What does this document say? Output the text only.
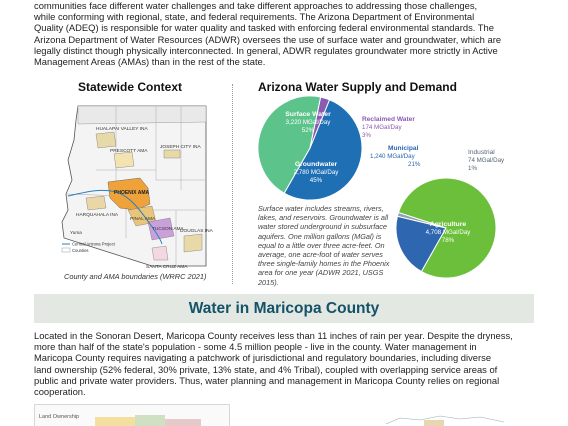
communities face different water challenges and take different approaches to addressing those challenges,

while conforming with regional, state, and federal requirements. The Arizona Department of Environmental

Quality (ADEQ) is responsible for water quality and tasked with enforcing federal environmental standards. The

Arizona Department of Water Resources (ADWR) oversees the use of surface water and groundwater, which are

legally distinct though physically interconnected. In general, ADWR regulates groundwater more strictly in Active

Management Areas (AMAs) than in the rest of the state.

Statewide Context
HUALAPAI VALLEY INA
PRESCOTT AMA
JOSEPH CITY INA
PHOENIX AMA
HARQUAHALA INA
PINAL AMA
TUCSON AMA
SANTA CRUZ AMA
DOUGLAS INA
Yuma
Central Arizona Project
Counties
County and AMA boundaries (WRRC 2021)
Arizona Water Supply and Demand
Surface Water
3,220 MGal/Day
52%
Groundwater
2,780 MGal/Day
45%
Reclaimed Water
174 MGal/Day
3%
Municipal
1,240 MGal/Day
21%
Industrial
74 MGal/Day
1%
Agriculture
4,708 MGal/Day
78%
Surface water includes streams, rivers, lakes, and reservoirs. Groundwater is all water stored underground in subsurface aquifers. One million gallons (MGal) is equal to a little over three acre-feet. On average, one acre-foot of water serves three single-family homes in the Phoenix area for one year (ADWR 2021, USGS 2015).
Water in Maricopa County

Located in the Sonoran Desert, Maricopa County receives less than 11 inches of rain per year. Despite the dryness,

more than half of the state's population - some 4.5 million people - live in the county. Water management in

Maricopa County requires navigating a patchwork of jurisdictional and regulatory boundaries, including diverse

land ownership (52% federal, 30% private, 13% state, and 4% Tribal), coupled with overlapping service areas of

public and private water providers. Thus, water planning and management in Maricopa County relies on regional

cooperation.

Land Ownership
